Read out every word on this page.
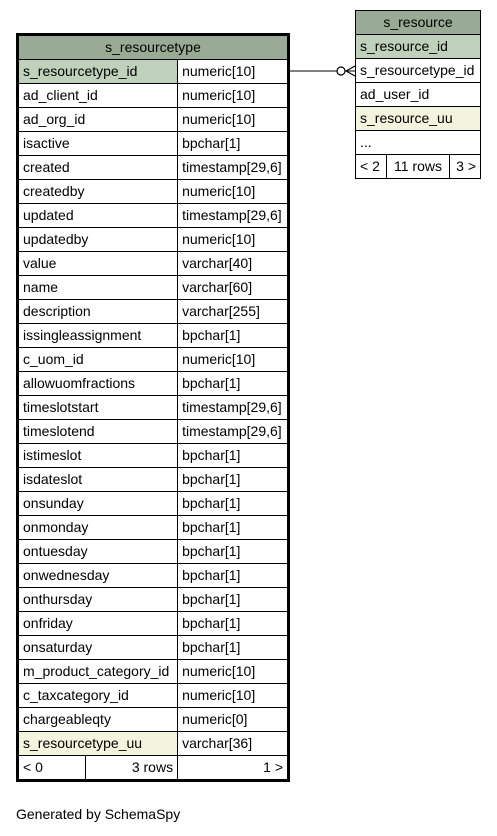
s_resourcetype		
s_resourcetype_id		numeric[10]
ad_client_id		numeric[10]
ad_org_id		numeric[10]
isactive		bpchar[1]
created		timestamp[29,6]
createdby		numeric[10]
updated		timestamp[29,6]
updatedby		numeric[10]
value		varchar[40]
name		varchar[60]
description		varchar[255]
issingleassignment		bpchar[1]
c_uom_id		numeric[10]
allowuomfractions		bpchar[1]
timeslotstart		timestamp[29,6]
timeslotend		timestamp[29,6]
istimeslot		bpchar[1]
isdateslot		bpchar[1]
onsunday		bpchar[1]
onmonday		bpchar[1]
ontuesday		bpchar[1]
onwednesday		bpchar[1]
onthursday		bpchar[1]
onfriday		bpchar[1]
onsaturday		bpchar[1]
m_product_category_id		numeric[10]
c_taxcategory_id		numeric[10]
chargeableqty		numeric[0]
s_resourcetype_uu		varchar[36]
< 0	3 rows	1 >
s_resource
s_resource_id
s_resourcetype_id
ad_user_id
s_resource_uu
...
< 2	11 rows	3 >
Generated by SchemaSpy
